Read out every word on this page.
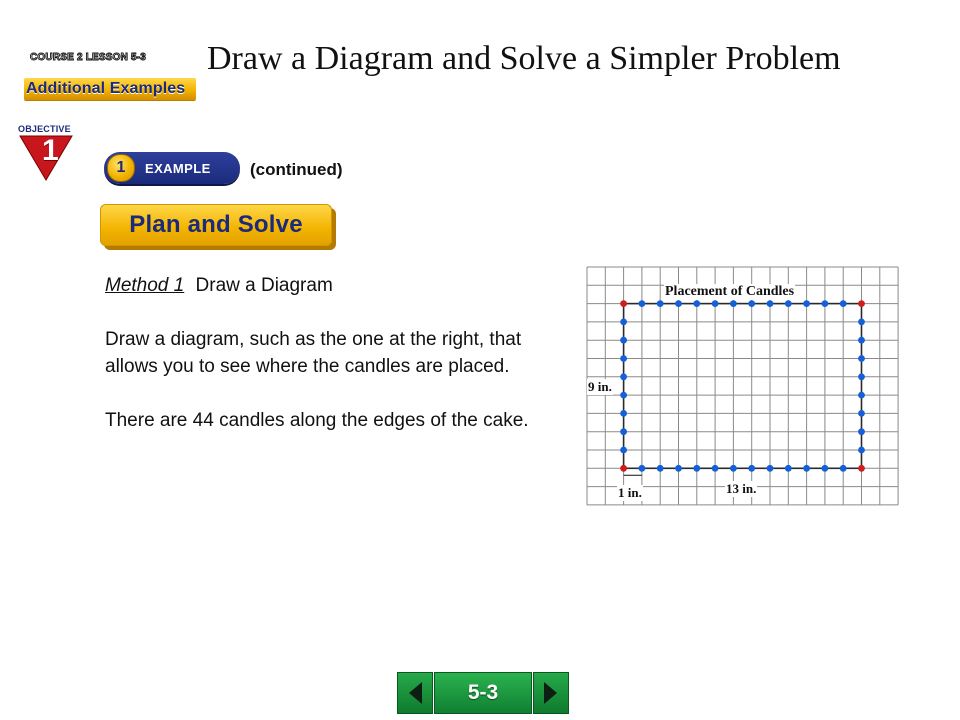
COURSE 2 LESSON 5-3
Additional Examples
Draw a Diagram and Solve a Simpler Problem
OBJECTIVE
1
1 EXAMPLE (continued)
Plan and Solve

Method 1 Draw a Diagram

Draw a diagram, such as the one at the right, that allows you to see where the candles are placed.

There are 44 candles along the edges of the cake.

Placement of Candles
9 in.
1 in.	13 in.
5-3
